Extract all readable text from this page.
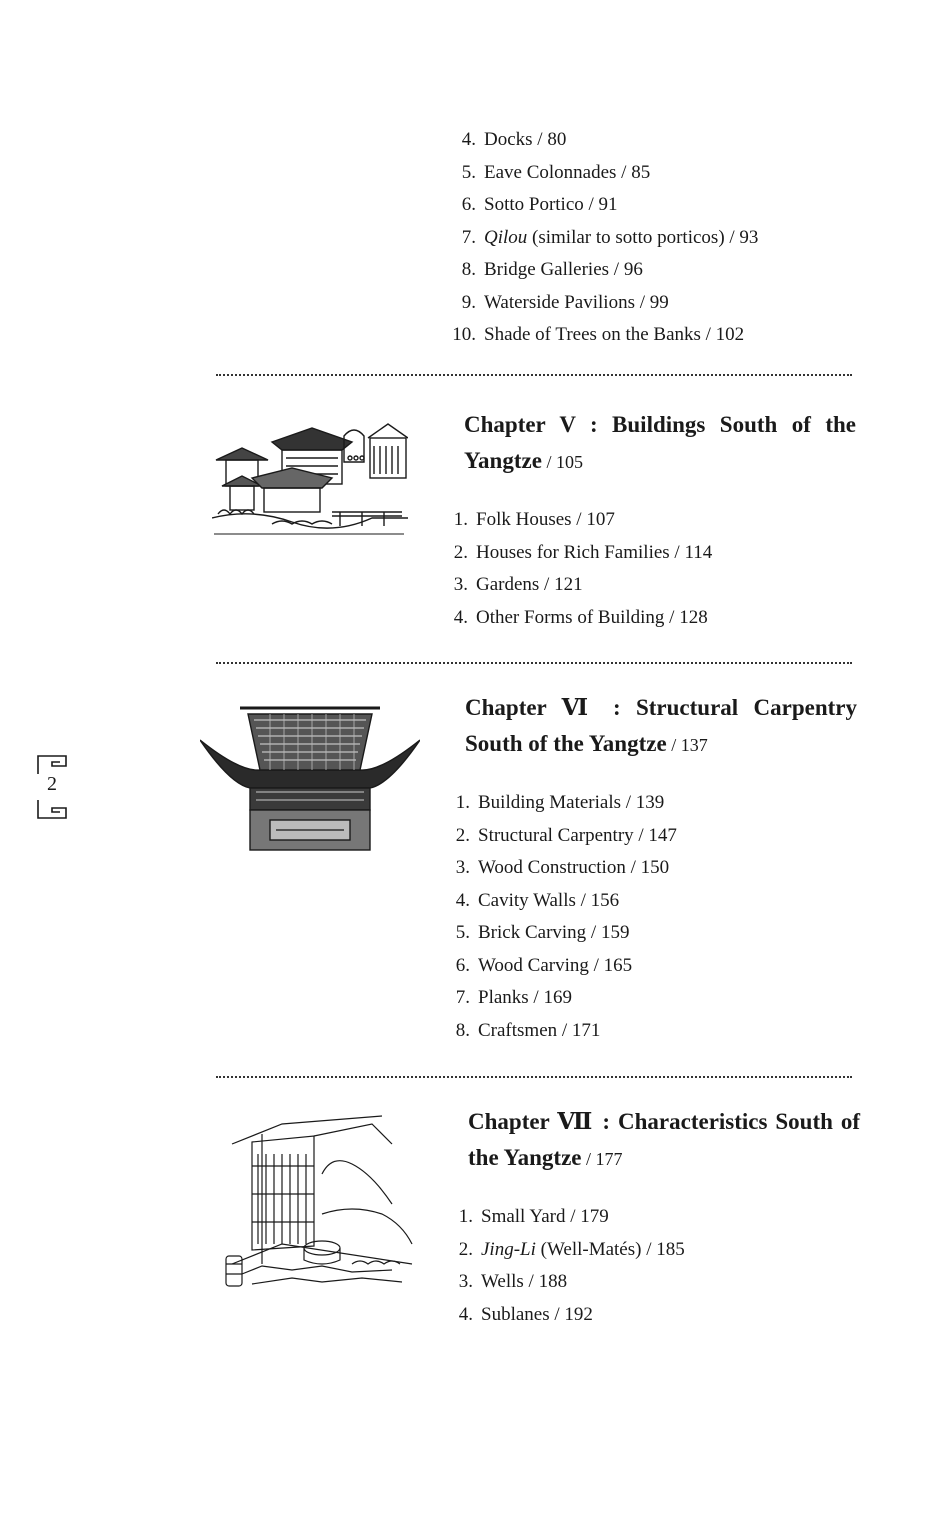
4. Docks / 80
5. Eave Colonnades / 85
6. Sotto Portico / 91
7. Qilou (similar to sotto porticos) / 93
8. Bridge Galleries / 96
9. Waterside Pavilions / 99
10. Shade of Trees on the Banks / 102
Chapter V : Buildings South of the Yangtze / 105
1. Folk Houses / 107
2. Houses for Rich Families / 114
3. Gardens / 121
4. Other Forms of Building / 128
Chapter Ⅵ : Structural Carpentry South of the Yangtze / 137
1. Building Materials / 139
2. Structural Carpentry / 147
3. Wood Construction / 150
4. Cavity Walls / 156
5. Brick Carving / 159
6. Wood Carving / 165
7. Planks / 169
8. Craftsmen / 171
Chapter Ⅶ : Characteristics South of the Yangtze / 177
1. Small Yard / 179
2. Jing-Li (Well-Matés) / 185
3. Wells / 188
4. Sublanes / 192
2
